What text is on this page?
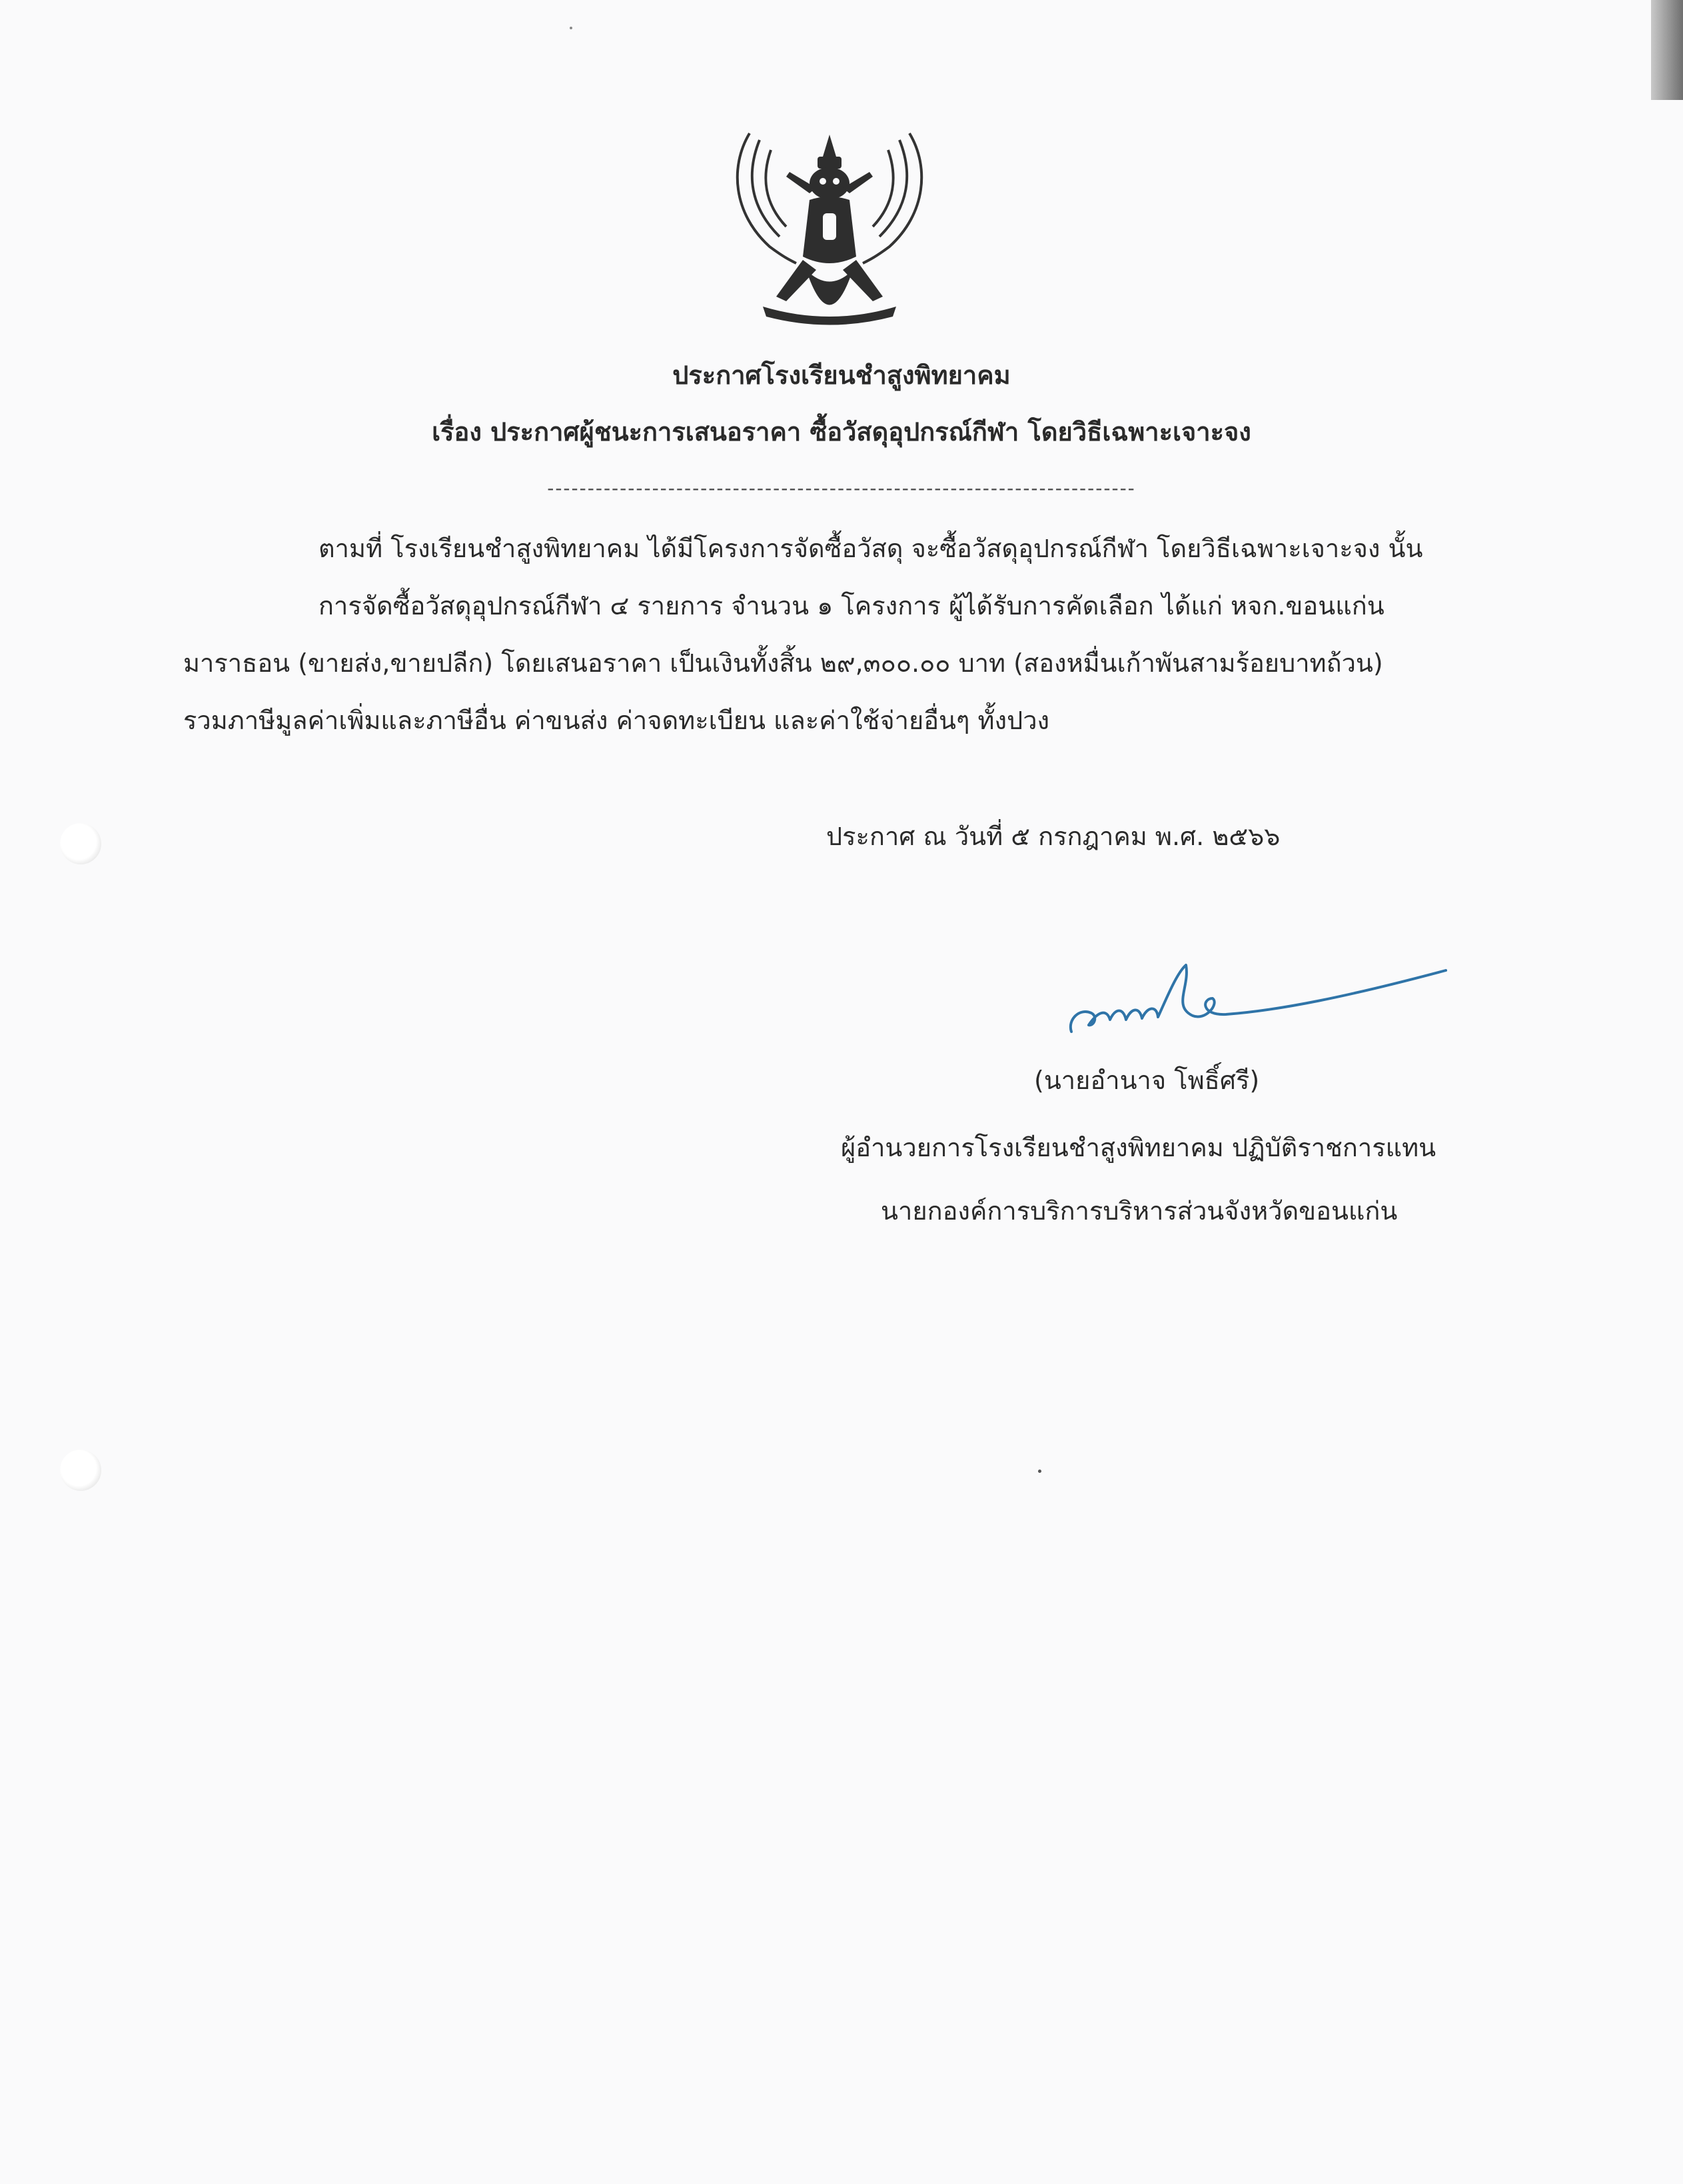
ประกาศโรงเรียนชำสูงพิทยาคม
เรื่อง ประกาศผู้ชนะการเสนอราคา ซื้อวัสดุอุปกรณ์กีฬา โดยวิธีเฉพาะเจาะจง
-------------------------------------------------------------------------
ตามที่ โรงเรียนชำสูงพิทยาคม ได้มีโครงการจัดซื้อวัสดุ จะซื้อวัสดุอุปกรณ์กีฬา โดยวิธีเฉพาะเจาะจง นั้น
การจัดซื้อวัสดุอุปกรณ์กีฬา ๔ รายการ จำนวน ๑ โครงการ ผู้ได้รับการคัดเลือก ได้แก่ หจก.ขอนแก่น
มาราธอน (ขายส่ง,ขายปลีก) โดยเสนอราคา เป็นเงินทั้งสิ้น ๒๙,๓๐๐.๐๐ บาท (สองหมื่นเก้าพันสามร้อยบาทถ้วน)
รวมภาษีมูลค่าเพิ่มและภาษีอื่น ค่าขนส่ง ค่าจดทะเบียน และค่าใช้จ่ายอื่นๆ ทั้งปวง
ประกาศ ณ วันที่ ๕ กรกฎาคม พ.ศ. ๒๕๖๖
(นายอำนาจ โพธิ์ศรี)
ผู้อำนวยการโรงเรียนชำสูงพิทยาคม ปฏิบัติราชการแทน
นายกองค์การบริการบริหารส่วนจังหวัดขอนแก่น
